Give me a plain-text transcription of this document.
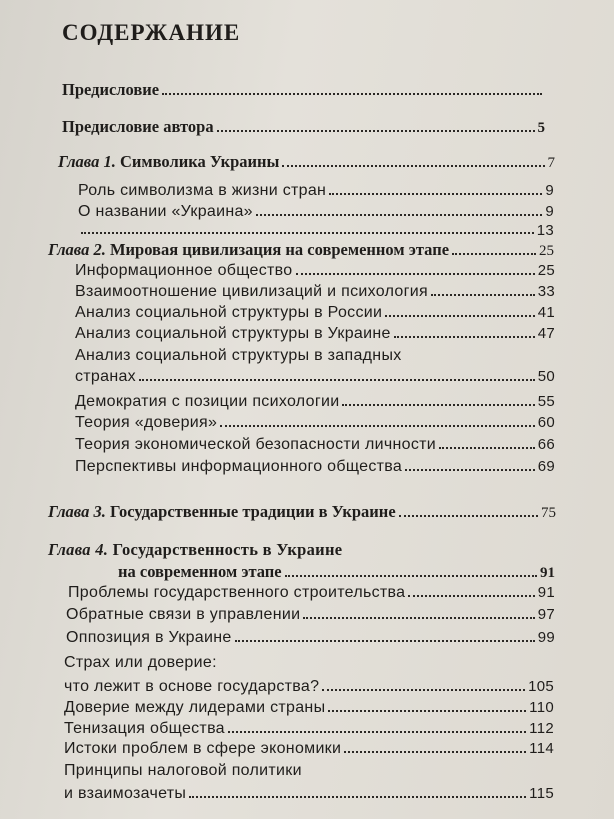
СОДЕРЖАНИЕ
Предисловие
Предисловие автора	5
Глава 1. Символика Украины	7
Роль символизма в жизни стран	9
О названии «Украина»	9
13
Глава 2. Мировая цивилизация на современном этапе	25
Информационное общество	25
Взаимоотношение цивилизаций и психология	33
Анализ социальной структуры в России	41
Анализ социальной структуры в Украине	47
Анализ социальной структуры в западных
странах	50
Демократия с позиции психологии	55
Теория «доверия»	60
Теория экономической безопасности личности	66
Перспективы информационного общества	69
Глава 3. Государственные традиции в Украине	75
Глава 4. Государственность в Украине
на современном этапе	91
Проблемы государственного строительства	91
Обратные связи в управлении	97
Оппозиция в Украине	99
Страх или доверие:
что лежит в основе государства?	105
Доверие между лидерами страны	110
Тенизация общества	112
Истоки проблем в сфере экономики	114
Принципы налоговой политики
и взаимозачеты	115
